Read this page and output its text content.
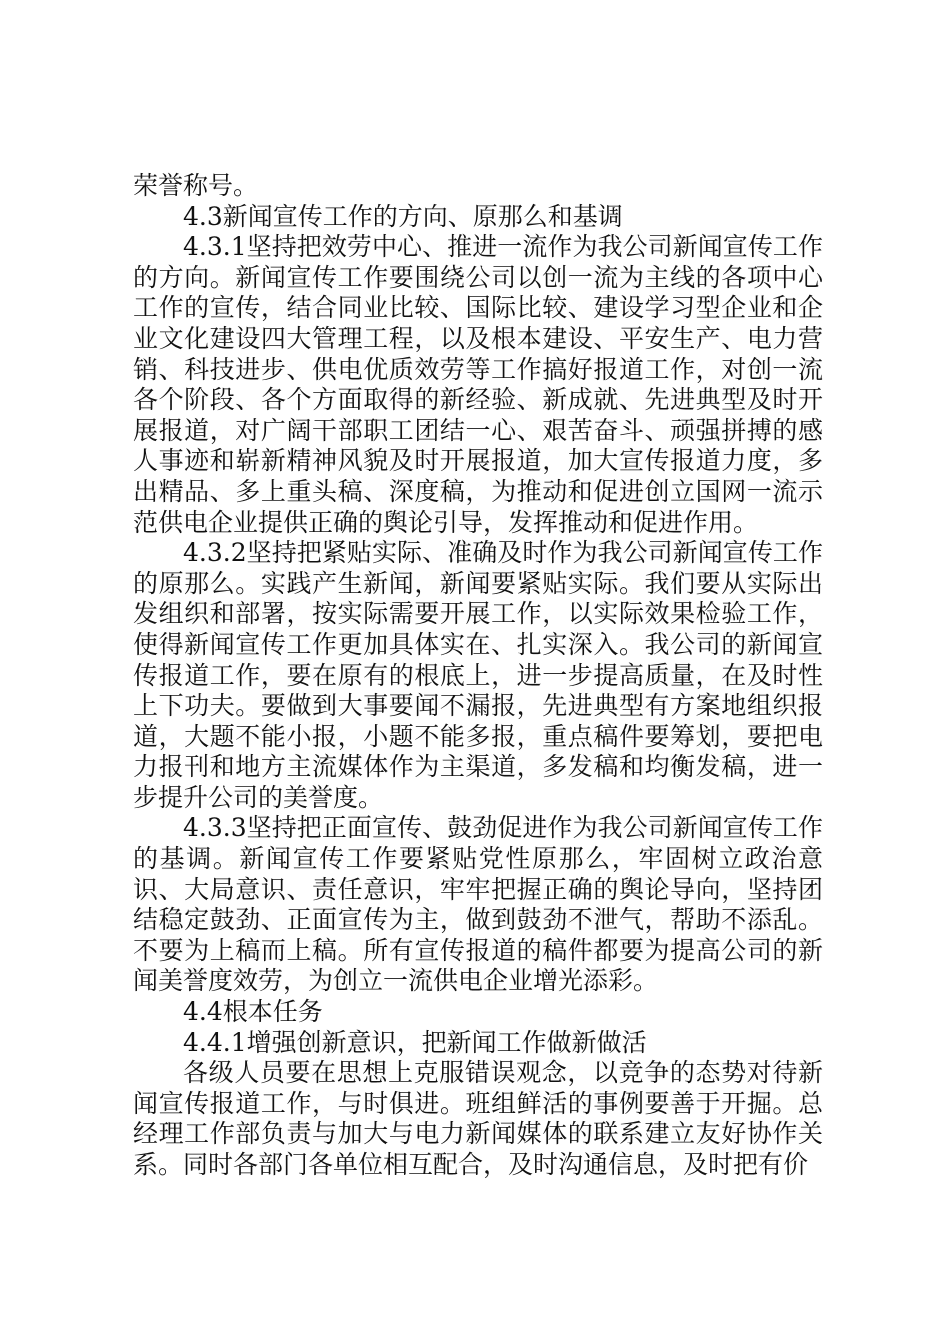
荣誉称号。

4.3新闻宣传工作的方向、原那么和基调

4.3.1坚持把效劳中心、推进一流作为我公司新闻宣传工作的方向。新闻宣传工作要围绕公司以创一流为主线的各项中心工作的宣传，结合同业比较、国际比较、建设学习型企业和企业文化建设四大管理工程，以及根本建设、平安生产、电力营销、科技进步、供电优质效劳等工作搞好报道工作，对创一流各个阶段、各个方面取得的新经验、新成就、先进典型及时开展报道，对广阔干部职工团结一心、艰苦奋斗、顽强拼搏的感人事迹和崭新精神风貌及时开展报道，加大宣传报道力度，多出精品、多上重头稿、深度稿，为推动和促进创立国网一流示范供电企业提供正确的舆论引导，发挥推动和促进作用。

4.3.2坚持把紧贴实际、准确及时作为我公司新闻宣传工作的原那么。实践产生新闻，新闻要紧贴实际。我们要从实际出发组织和部署，按实际需要开展工作，以实际效果检验工作，使得新闻宣传工作更加具体实在、扎实深入。我公司的新闻宣传报道工作，要在原有的根底上，进一步提高质量，在及时性上下功夫。要做到大事要闻不漏报，先进典型有方案地组织报道，大题不能小报，小题不能多报，重点稿件要筹划，要把电力报刊和地方主流媒体作为主渠道，多发稿和均衡发稿，进一步提升公司的美誉度。

4.3.3坚持把正面宣传、鼓劲促进作为我公司新闻宣传工作的基调。新闻宣传工作要紧贴党性原那么，牢固树立政治意识、大局意识、责任意识，牢牢把握正确的舆论导向，坚持团结稳定鼓劲、正面宣传为主，做到鼓劲不泄气，帮助不添乱。不要为上稿而上稿。所有宣传报道的稿件都要为提高公司的新闻美誉度效劳，为创立一流供电企业增光添彩。

4.4根本任务

4.4.1增强创新意识，把新闻工作做新做活

各级人员要在思想上克服错误观念，以竞争的态势对待新闻宣传报道工作，与时俱进。班组鲜活的事例要善于开掘。总经理工作部负责与加大与电力新闻媒体的联系建立友好协作关系。同时各部门各单位相互配合，及时沟通信息，及时把有价
